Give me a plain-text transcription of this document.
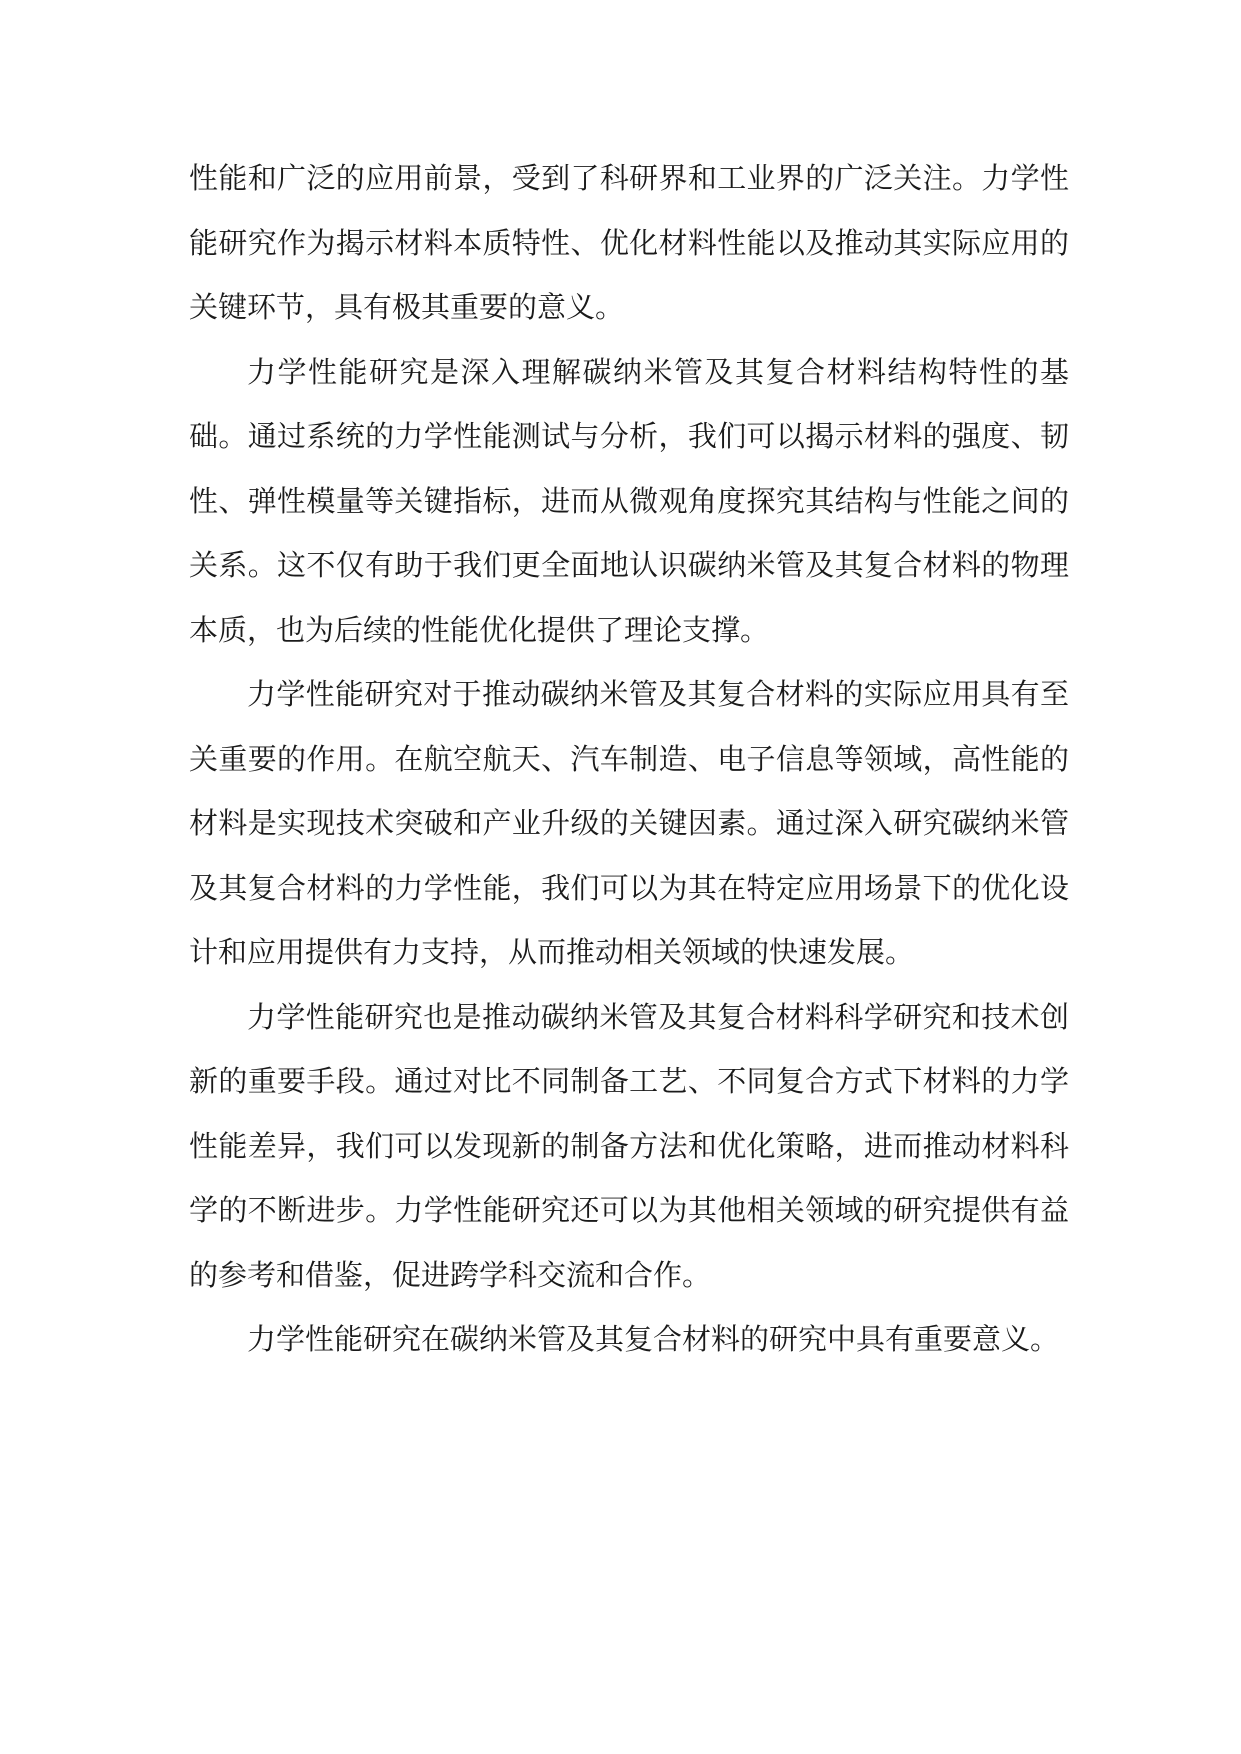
性能和广泛的应用前景，受到了科研界和工业界的广泛关注。力学性能研究作为揭示材料本质特性、优化材料性能以及推动其实际应用的关键环节，具有极其重要的意义。

力学性能研究是深入理解碳纳米管及其复合材料结构特性的基础。通过系统的力学性能测试与分析，我们可以揭示材料的强度、韧性、弹性模量等关键指标，进而从微观角度探究其结构与性能之间的关系。这不仅有助于我们更全面地认识碳纳米管及其复合材料的物理本质，也为后续的性能优化提供了理论支撑。

力学性能研究对于推动碳纳米管及其复合材料的实际应用具有至关重要的作用。在航空航天、汽车制造、电子信息等领域，高性能的材料是实现技术突破和产业升级的关键因素。通过深入研究碳纳米管及其复合材料的力学性能，我们可以为其在特定应用场景下的优化设计和应用提供有力支持，从而推动相关领域的快速发展。

力学性能研究也是推动碳纳米管及其复合材料科学研究和技术创新的重要手段。通过对比不同制备工艺、不同复合方式下材料的力学性能差异，我们可以发现新的制备方法和优化策略，进而推动材料科学的不断进步。力学性能研究还可以为其他相关领域的研究提供有益的参考和借鉴，促进跨学科交流和合作。

力学性能研究在碳纳米管及其复合材料的研究中具有重要意义。
